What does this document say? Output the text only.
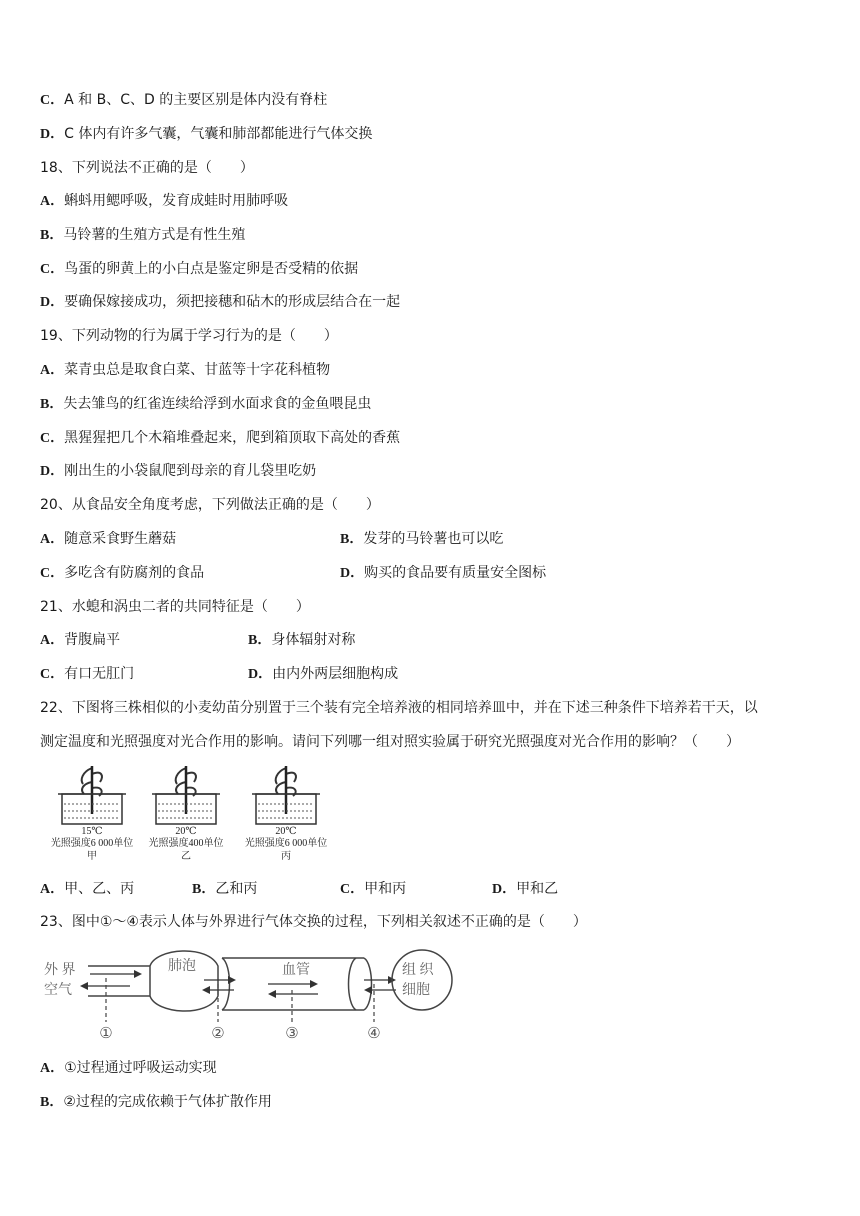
C．A 和 B、C、D 的主要区别是体内没有脊柱
D．C 体内有许多气囊，气囊和肺部都能进行气体交换
18、下列说法不正确的是（　　）
A．蝌蚪用鳃呼吸，发育成蛙时用肺呼吸
B．马铃薯的生殖方式是有性生殖
C．鸟蛋的卵黄上的小白点是鉴定卵是否受精的依据
D．要确保嫁接成功，须把接穗和砧木的形成层结合在一起
19、下列动物的行为属于学习行为的是（　　）
A．菜青虫总是取食白菜、甘蓝等十字花科植物
B．失去雏鸟的红雀连续给浮到水面求食的金鱼喂昆虫
C．黑猩猩把几个木箱堆叠起来，爬到箱顶取下高处的香蕉
D．刚出生的小袋鼠爬到母亲的育儿袋里吃奶
20、从食品安全角度考虑，下列做法正确的是（　　）
A．随意采食野生蘑菇	B．发芽的马铃薯也可以吃
C．多吃含有防腐剂的食品	D．购买的食品要有质量安全图标
21、水螅和涡虫二者的共同特征是（　　）
A．背腹扁平	B．身体辐射对称
C．有口无肛门	D．由内外两层细胞构成
22、下图将三株相似的小麦幼苗分别置于三个装有完全培养液的相同培养皿中，并在下述三种条件下培养若干天，以
测定温度和光照强度对光合作用的影响。请问下列哪一组对照实验属于研究光照强度对光合作用的影响？（　　）
15℃
光照强度6 000单位
甲
20℃
光照强度400单位
乙
20℃
光照强度6 000单位
丙
A．甲、乙、丙	B．乙和丙	C．甲和丙	D．甲和乙
23、图中①～④表示人体与外界进行气体交换的过程，下列相关叙述不正确的是（　　）
外 界
空气
肺泡	血管	组 织
细胞
①	②	③	④
A．①过程通过呼吸运动实现
B．②过程的完成依赖于气体扩散作用
